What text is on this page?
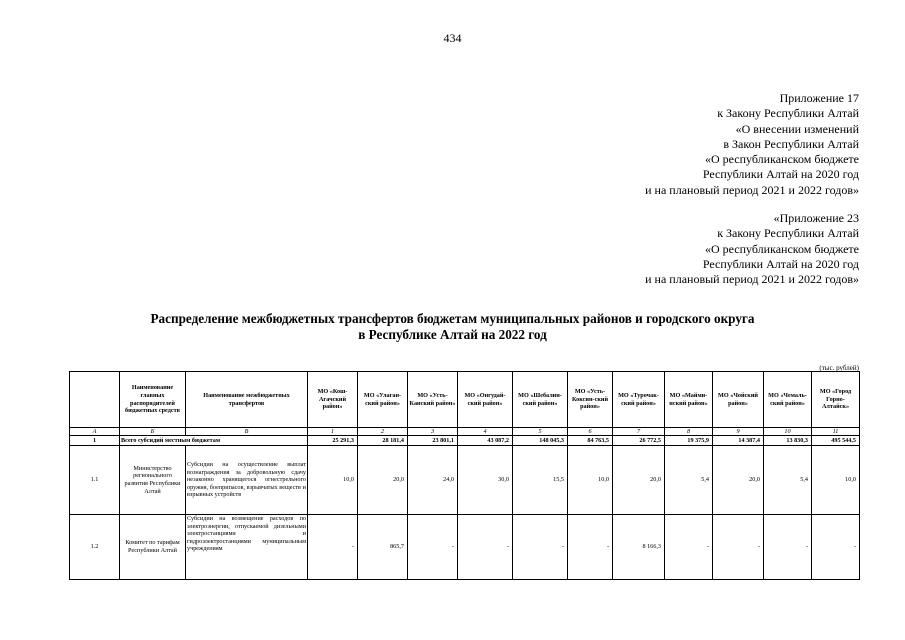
434
Приложение 17
к Закону Республики Алтай
«О внесении изменений
в Закон Республики Алтай
«О республиканском бюджете
Республики Алтай на 2020 год
и на плановый период 2021 и 2022 годов»
«Приложение 23
к Закону Республики Алтай
«О республиканском бюджете
Республики Алтай на 2020 год
и на плановый период 2021 и 2022 годов»
Распределение межбюджетных трансфертов бюджетам муниципальных районов и городского округа
в Республике Алтай на 2022 год
(тыс. рублей)
	Наименование главных распорядителей бюджетных средств	Наименование межбюджетных трансфертов	МО «Кош-Агачский район»	МО «Улаган-ский район»	МО «Усть-Канский район»	МО «Онгудай-ский район»	МО «Шебалин-ский район»	МО «Усть-Коксин-ский район»	МО «Турочак-ский район»	МО «Майми-нский район»	МО «Чойский район»	МО «Чемаль-ский район»	МО «Город Горно-Алтайск»
А	Б	В	1	2	3	4	5	6	7	8	9	10	11
1	Всего субсидий местным бюджетам		25 291,3	28 181,4	23 801,1	43 087,2	148 045,3	84 763,5	26 772,5	19 375,9	14 387,4	13 830,3	495 544,5
1.1	Министерство регионального развития Республики Алтай	Субсидии на осуществление выплат вознаграждения за добровольную сдачу незаконно хранящегося огнестрельного оружия, боеприпасов, взрывчатых веществ и взрывных устройств	10,0	20,0	24,0	30,0	15,5	10,0	20,0	5,4	20,0	5,4	10,0
1.2	Комитет по тарифам Республики Алтай	Субсидии на возмещение расходов по электроэнергии, отпускаемой дизельными электростанциями и гидроэлектростанциями муниципальным учреждениям	-	865,7	-	-	-	-	8 166,3	-	-	-	-
